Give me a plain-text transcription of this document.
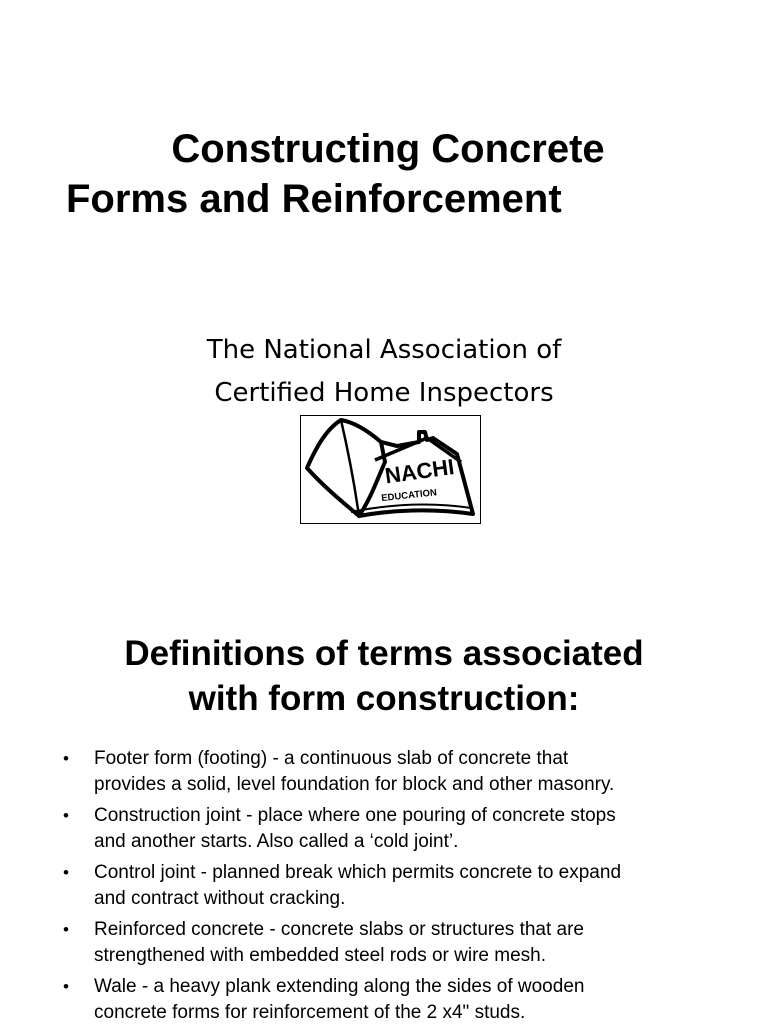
Constructing Concrete
Forms and Reinforcement
The National Association of
Certified Home Inspectors
NACHI
EDUCATION
Definitions of terms associated
with form construction:
• Footer form (footing) - a continuous slab of concrete that
provides a solid, level foundation for block and other masonry.
• Construction joint - place where one pouring of concrete stops
and another starts. Also called a ‘cold joint’.
• Control joint - planned break which permits concrete to expand
and contract without cracking.
• Reinforced concrete - concrete slabs or structures that are
strengthened with embedded steel rods or wire mesh.
• Wale - a heavy plank extending along the sides of wooden
concrete forms for reinforcement of the 2 x4" studs.
